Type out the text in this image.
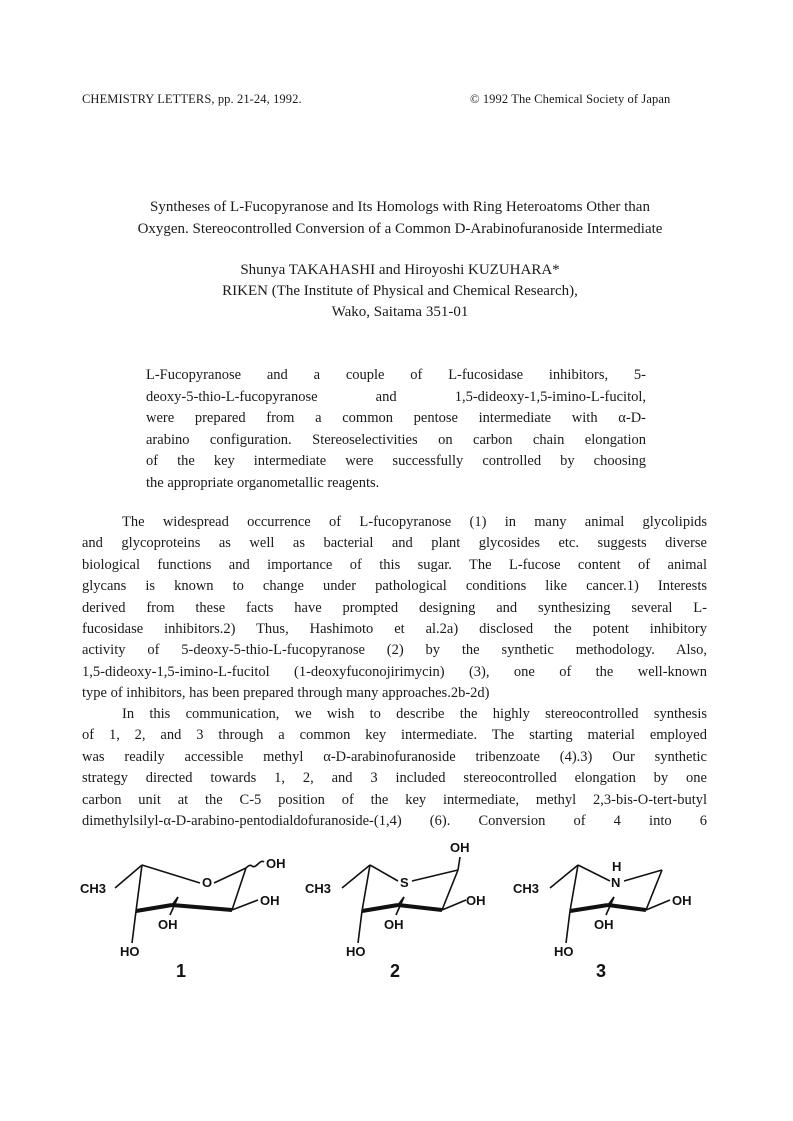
CHEMISTRY LETTERS, pp. 21-24, 1992.	© 1992 The Chemical Society of Japan
Syntheses of L-Fucopyranose and Its Homologs with Ring Heteroatoms Other than
Oxygen. Stereocontrolled Conversion of a Common D-Arabinofuranoside Intermediate
Shunya TAKAHASHI and Hiroyoshi KUZUHARA*
RIKEN (The Institute of Physical and Chemical Research),
Wako, Saitama 351-01
L-Fucopyranose and a couple of L-fucosidase inhibitors, 5-
deoxy-5-thio-L-fucopyranose and 1,5-dideoxy-1,5-imino-L-fucitol,
were prepared from a common pentose intermediate with α-D-
arabino configuration. Stereoselectivities on carbon chain elongation
of the key intermediate were successfully controlled by choosing
the appropriate organometallic reagents.
The widespread occurrence of L-fucopyranose (1) in many animal glycolipids
and glycoproteins as well as bacterial and plant glycosides etc. suggests diverse
biological functions and importance of this sugar. The L-fucose content of animal
glycans is known to change under pathological conditions like cancer.1) Interests
derived from these facts have prompted designing and synthesizing several L-
fucosidase inhibitors.2) Thus, Hashimoto et al.2a) disclosed the potent inhibitory
activity of 5-deoxy-5-thio-L-fucopyranose (2) by the synthetic methodology. Also,
1,5-dideoxy-1,5-imino-L-fucitol (1-deoxyfuconojirimycin) (3), one of the well-known
type of inhibitors, has been prepared through many approaches.2b-2d)
In this communication, we wish to describe the highly stereocontrolled synthesis
of 1, 2, and 3 through a common key intermediate. The starting material employed
was readily accessible methyl α-D-arabinofuranoside tribenzoate (4).3) Our synthetic
strategy directed towards 1, 2, and 3 included stereocontrolled elongation by one
carbon unit at the C-5 position of the key intermediate, methyl 2,3-bis-O-tert-butyl
dimethylsilyl-α-D-arabino-pentodialdofuranoside-(1,4) (6). Conversion of 4 into 6
CH3	O
OH
OH
OH
HO
1
CH3	S
OH
OH
OH
HO
2
CH3	N
H
OH
OH
HO
3
